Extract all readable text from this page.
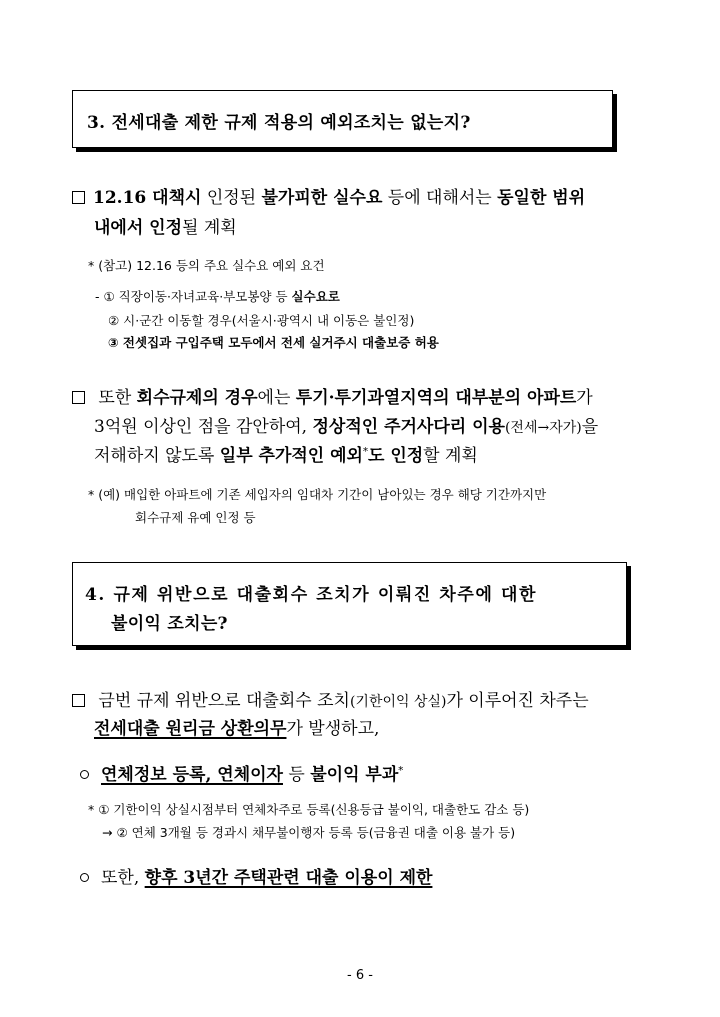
3. 전세대출 제한 규제 적용의 예외조치는 없는지?
12.16 대책시 인정된 불가피한 실수요 등에 대해서는 동일한 범위
내에서 인정될 계획
* (참고) 12.16 등의 주요 실수요 예외 요건
- ① 직장이동·자녀교육·부모봉양 등 실수요로
② 시·군간 이동할 경우(서울시·광역시 내 이동은 불인정)
③ 전셋집과 구입주택 모두에서 전세 실거주시 대출보증 허용
또한 회수규제의 경우에는 투기·투기과열지역의 대부분의 아파트가
3억원 이상인 점을 감안하여, 정상적인 주거사다리 이용(전세→자가)을
저해하지 않도록 일부 추가적인 예외*도 인정할 계획
* (예) 매입한 아파트에 기존 세입자의 임대차 기간이 남아있는 경우 해당 기간까지만
회수규제 유예 인정 등
4. 규제 위반으로 대출회수 조치가 이뤄진 차주에 대한
불이익 조치는?
금번 규제 위반으로 대출회수 조치(기한이익 상실)가 이루어진 차주는
전세대출 원리금 상환의무가 발생하고,
연체정보 등록, 연체이자 등 불이익 부과*
* ① 기한이익 상실시점부터 연체차주로 등록(신용등급 불이익, 대출한도 감소 등)
→ ② 연체 3개월 등 경과시 채무불이행자 등록 등(금융권 대출 이용 불가 등)
또한, 향후 3년간 주택관련 대출 이용이 제한
- 6 -
